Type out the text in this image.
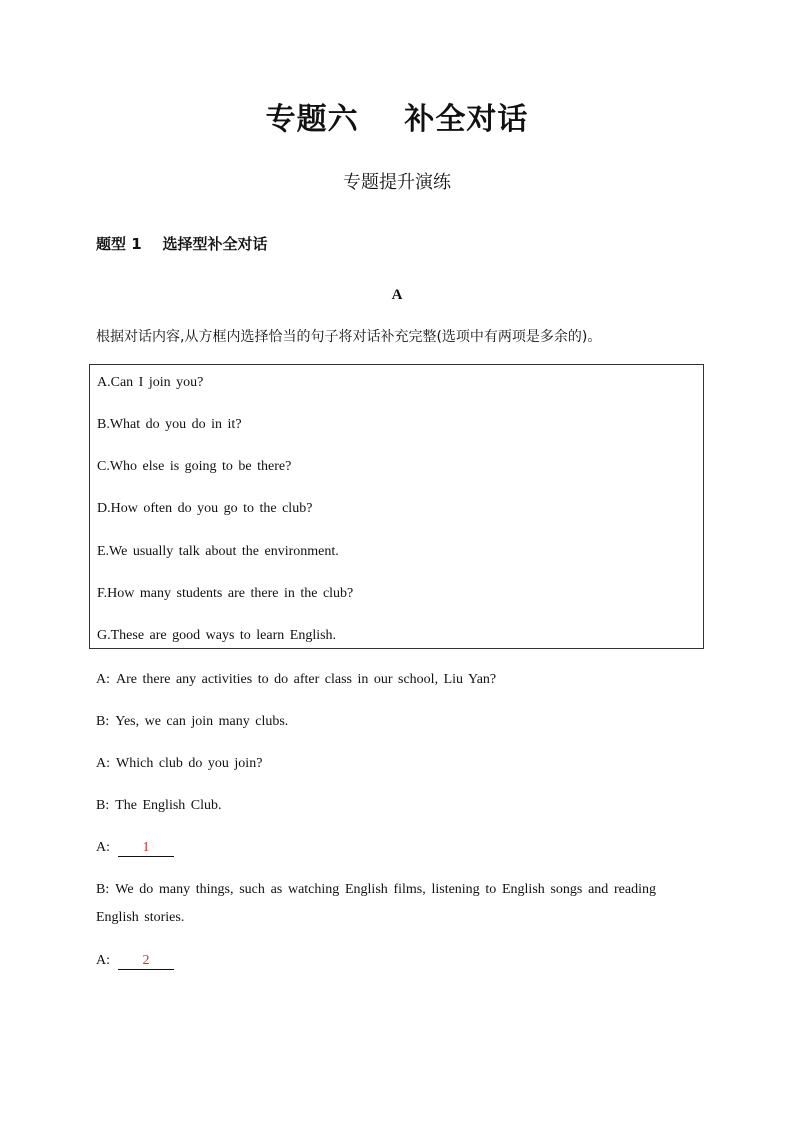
专题六    补全对话
专题提升演练
题型 1    选择型补全对话
A
根据对话内容,从方框内选择恰当的句子将对话补充完整(选项中有两项是多余的)。
A.Can I join you?
B.What do you do in it?
C.Who else is going to be there?
D.How often do you go to the club?
E.We usually talk about the environment.
F.How many students are there in the club?
G.These are good ways to learn English.
A: Are there any activities to do after class in our school, Liu Yan?
B: Yes, we can join many clubs.
A: Which club do you join?
B: The English Club.
A: 1
B: We do many things, such as watching English films, listening to English songs and reading English stories.
A: 2
